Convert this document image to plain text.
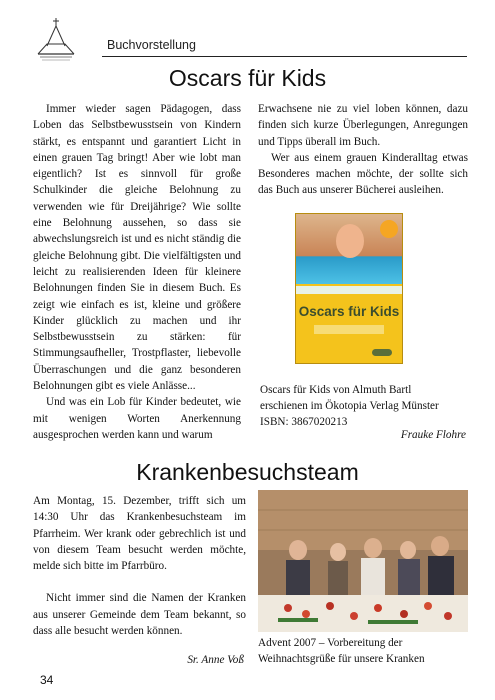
Buchvorstellung
Oscars für Kids

Immer wieder sagen Pädagogen, dass Loben das Selbstbewusstsein von Kindern stärkt, es entspannt und garantiert Licht in einen grauen Tag bringt! Aber wie lobt man eigentlich? Ist es sinnvoll für große Schulkinder die gleiche Belohnung zu verwenden wie für Dreijährige? Wie sollte eine Belohnung aussehen, so dass sie abwechslungsreich ist und es nicht ständig die gleiche Belohnung gibt. Die vielfältigsten und leicht zu realisierenden Ideen für kleinere Belohnungen finden Sie in diesem Buch. Es zeigt wie einfach es ist, kleine und größere Kinder glücklich zu machen und ihr Selbstbewusstsein zu stärken: für Stimmungsaufheller, Trostpflaster, liebevolle Überraschungen und die ganz besonderen Belohnungen gibt es viele Anlässe...

Und was ein Lob für Kinder bedeutet, wie mit wenigen Worten Anerkennung ausgesprochen werden kann und warum

Erwachsene nie zu viel loben können, dazu finden sich kurze Überlegungen, Anregungen und Tipps überall im Buch.

Wer aus einem grauen Kinderalltag etwas Besonderes machen möchte, der sollte sich das Buch aus unserer Bücherei ausleihen.

Oscars für Kids
Oscars für Kids von Almuth Bartl
erschienen im Ökotopia Verlag Münster
ISBN: 3867020213
Frauke Flohre
Krankenbesuchsteam

Am Montag, 15. Dezember, trifft sich um 14:30 Uhr das Krankenbesuchsteam im Pfarrheim. Wer krank oder gebrechlich ist und von diesem Team besucht werden möchte, melde sich bitte im Pfarrbüro.

Nicht immer sind die Namen der Kranken aus unserer Gemeinde dem Team bekannt, so dass alle besucht werden können.

Sr. Anne Voß
Advent 2007 – Vorbereitung der Weihnachtsgrüße für unsere Kranken
34
